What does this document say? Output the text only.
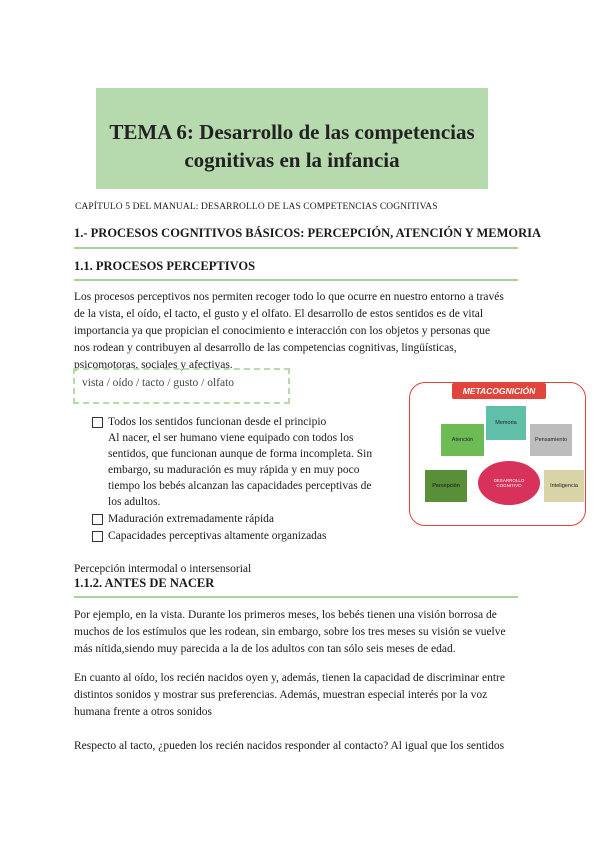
TEMA 6: Desarrollo de las competencias
cognitivas en la infancia
CAPÍTULO 5 DEL MANUAL: DESARROLLO DE LAS COMPETENCIAS COGNITIVAS
1.- PROCESOS COGNITIVOS BÁSICOS: PERCEPCIÓN, ATENCIÓN Y MEMORIA
1.1. PROCESOS PERCEPTIVOS
Los procesos perceptivos nos permiten recoger todo lo que ocurre en nuestro entorno a través
de la vista, el oído, el tacto, el gusto y el olfato. El desarrollo de estos sentidos es de vital
importancia ya que propician el conocimiento e interacción con los objetos y personas que
nos rodean y contribuyen al desarrollo de las competencias cognitivas, lingüísticas,
psicomotoras, sociales y afectivas.
vista / oído / tacto / gusto / olfato
Todos los sentidos funcionan desde el principio
Al nacer, el ser humano viene equipado con todos los
sentidos, que funcionan aunque de forma incompleta. Sin
embargo, su maduración es muy rápida y en muy poco
tiempo los bebés alcanzan las capacidades perceptivas de
los adultos.
Maduración extremadamente rápida
Capacidades perceptivas altamente organizadas
METACOGNICIÓN
Memoria
Atención	Pensamiento
Percepción	Inteligencia
DESARROLLO COGNITIVO
Percepción intermodal o intersensorial
1.1.2. ANTES DE NACER
Por ejemplo, en la vista. Durante los primeros meses, los bebés tienen una visión borrosa de
muchos de los estímulos que les rodean, sin embargo, sobre los tres meses su visión se vuelve
más nítida,siendo muy parecida a la de los adultos con tan sólo seis meses de edad.
En cuanto al oído, los recién nacidos oyen y, además, tienen la capacidad de discriminar entre
distintos sonidos y mostrar sus preferencias. Además, muestran especial interés por la voz
humana frente a otros sonidos
Respecto al tacto, ¿pueden los recién nacidos responder al contacto? Al igual que los sentidos
